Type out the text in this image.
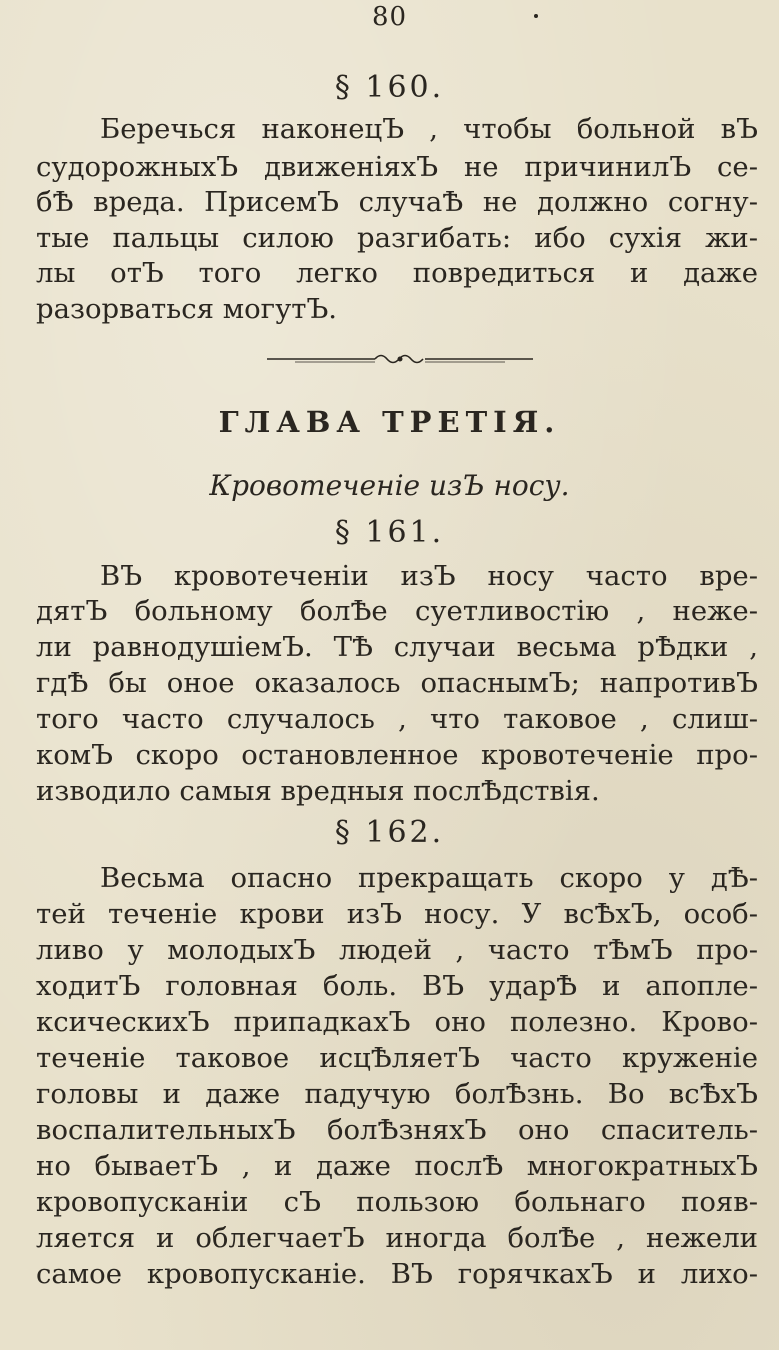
80
§ 160.
Беречься наконецЪ , чтобы больной вЪ
судорожныхЪ движенiяхЪ не причинилЪ се-
бѢ вреда. ПрисемЪ случаѢ не должно согну-
тые пальцы силою разгибать: ибо сухiя жи-
лы отЪ того легко повредиться и даже
разорваться могутЪ.
ГЛАВА ТРЕТIЯ.
Кровотеченiе изЪ носу.
§ 161.
ВЪ кровотеченiи изЪ носу часто вре-
дятЪ больному болѢе суетливостiю , неже-
ли равнодушiемЪ. ТѢ случаи весьма рѢдки ,
гдѢ бы оное оказалось опаснымЪ; напротивЪ
того часто случалось , что таковое , слиш-
комЪ скоро остановленное кровотеченiе про-
изводило самыя вредныя послѢдствiя.
§ 162.
Весьма опасно прекращать скоро у дѢ-
тей теченiе крови изЪ носу. У всѢхЪ, особ-
ливо у молодыхЪ людей , часто тѢмЪ про-
ходитЪ головная боль. ВЪ ударѢ и апопле-
ксическихЪ припадкахЪ оно полезно. Крово-
теченiе таковое исцѢляетЪ часто круженiе
головы и даже падучую болѢзнь. Во всѢхЪ
воспалительныхЪ болѢзняхЪ оно спаситель-
но бываетЪ , и даже послѢ многократныхЪ
кровопусканiи сЪ пользою больнаго появ-
ляется и облегчаетЪ иногда болѢе , нежели
самое кровопусканiе. ВЪ горячкахЪ и лихо-
